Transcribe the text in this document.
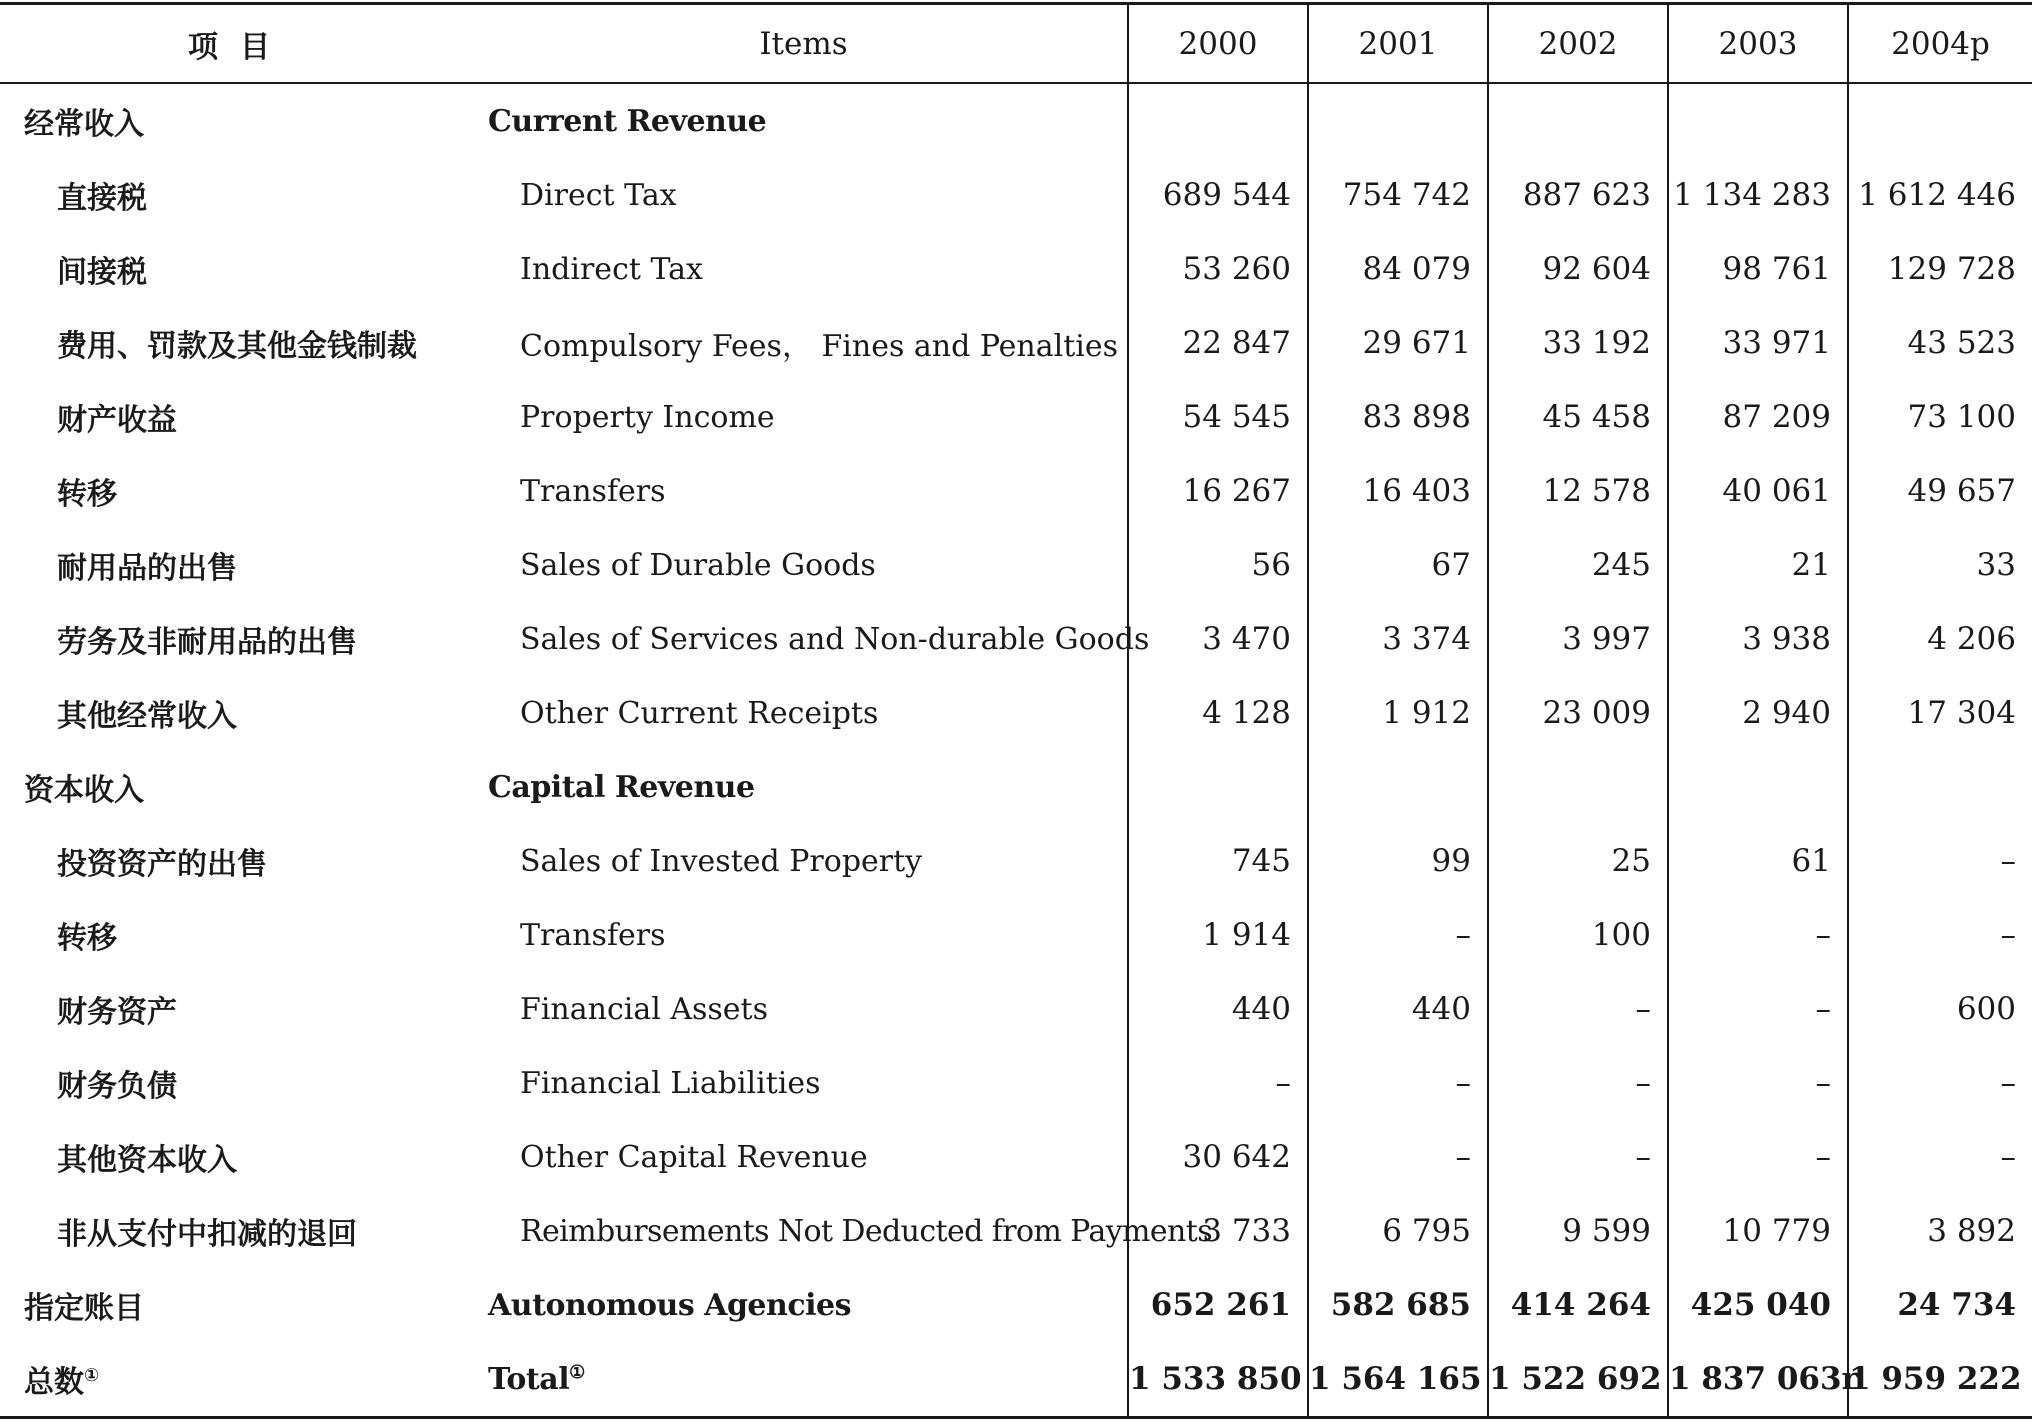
项目	Items	2000	2001	2002	2003	2004p
经常收入	Current Revenue					
直接税	Direct Tax	689 544	754 742	887 623	1 134 283	1 612 446
间接税	Indirect Tax	53 260	84 079	92 604	98 761	129 728
费用、罚款及其他金钱制裁	Compulsory Fees， Fines and Penalties	22 847	29 671	33 192	33 971	43 523
财产收益	Property Income	54 545	83 898	45 458	87 209	73 100
转移	Transfers	16 267	16 403	12 578	40 061	49 657
耐用品的出售	Sales of Durable Goods	56	67	245	21	33
劳务及非耐用品的出售	Sales of Services and Non-durable Goods	3 470	3 374	3 997	3 938	4 206
其他经常收入	Other Current Receipts	4 128	1 912	23 009	2 940	17 304
资本收入	Capital Revenue					
投资资产的出售	Sales of Invested Property	745	99	25	61	–
转移	Transfers	1 914	–	100	–	–
财务资产	Financial Assets	440	440	–	–	600
财务负债	Financial Liabilities	–	–	–	–	–
其他资本收入	Other Capital Revenue	30 642	–	–	–	–
非从支付中扣减的退回	Reimbursements Not Deducted from Payments	3 733	6 795	9 599	10 779	3 892
指定账目	Autonomous Agencies	652 261	582 685	414 264	425 040	24 734
总数①	Total①	1 533 850	1 564 165	1 522 692	1 837 063r	1 959 222
